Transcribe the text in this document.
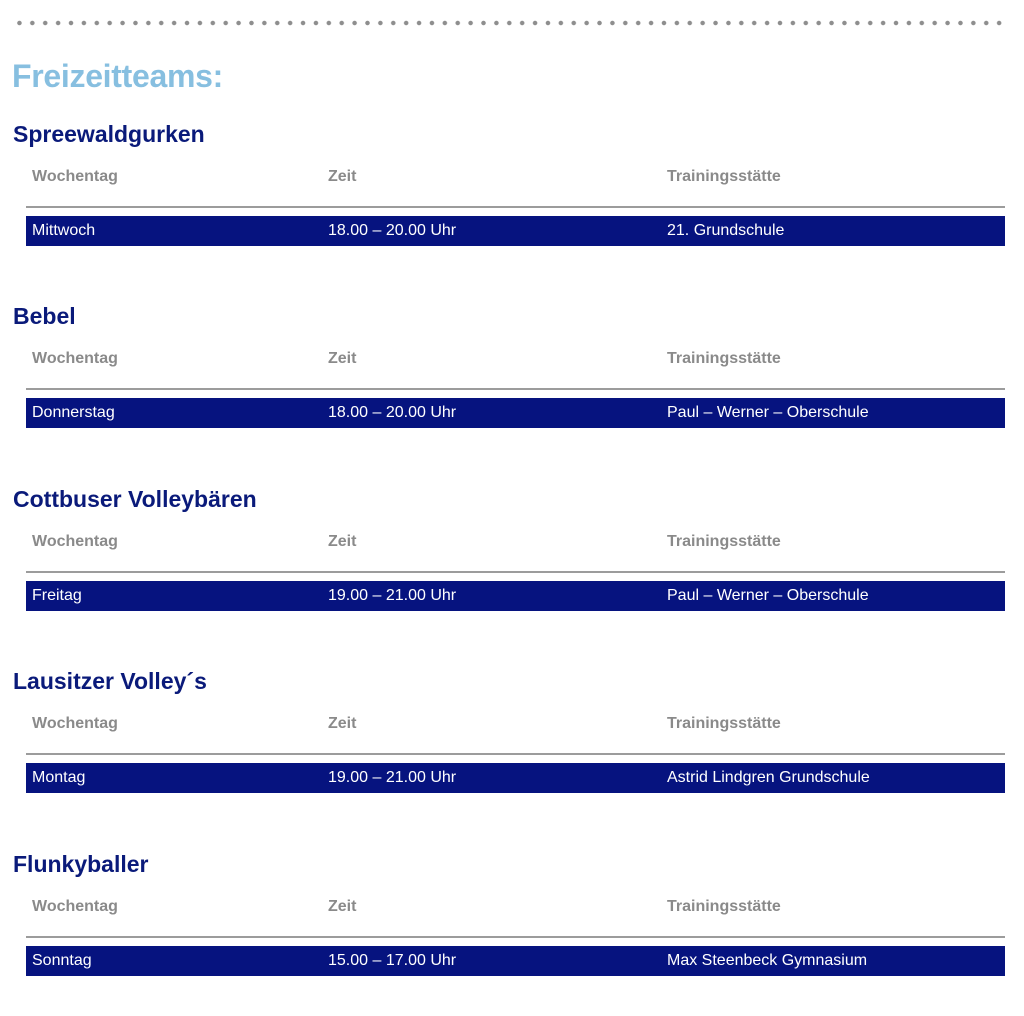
Freizeitteams:
Spreewaldgurken
Wochentag	Zeit	Trainingsstätte
Mittwoch	18.00 – 20.00 Uhr	21. Grundschule
Bebel
Wochentag	Zeit	Trainingsstätte
Donnerstag	18.00 – 20.00 Uhr	Paul – Werner – Oberschule
Cottbuser Volleybären
Wochentag	Zeit	Trainingsstätte
Freitag	19.00 – 21.00 Uhr	Paul – Werner – Oberschule
Lausitzer Volley´s
Wochentag	Zeit	Trainingsstätte
Montag	19.00 – 21.00 Uhr	Astrid Lindgren Grundschule
Flunkyballer
Wochentag	Zeit	Trainingsstätte
Sonntag	15.00 – 17.00 Uhr	Max Steenbeck Gymnasium
